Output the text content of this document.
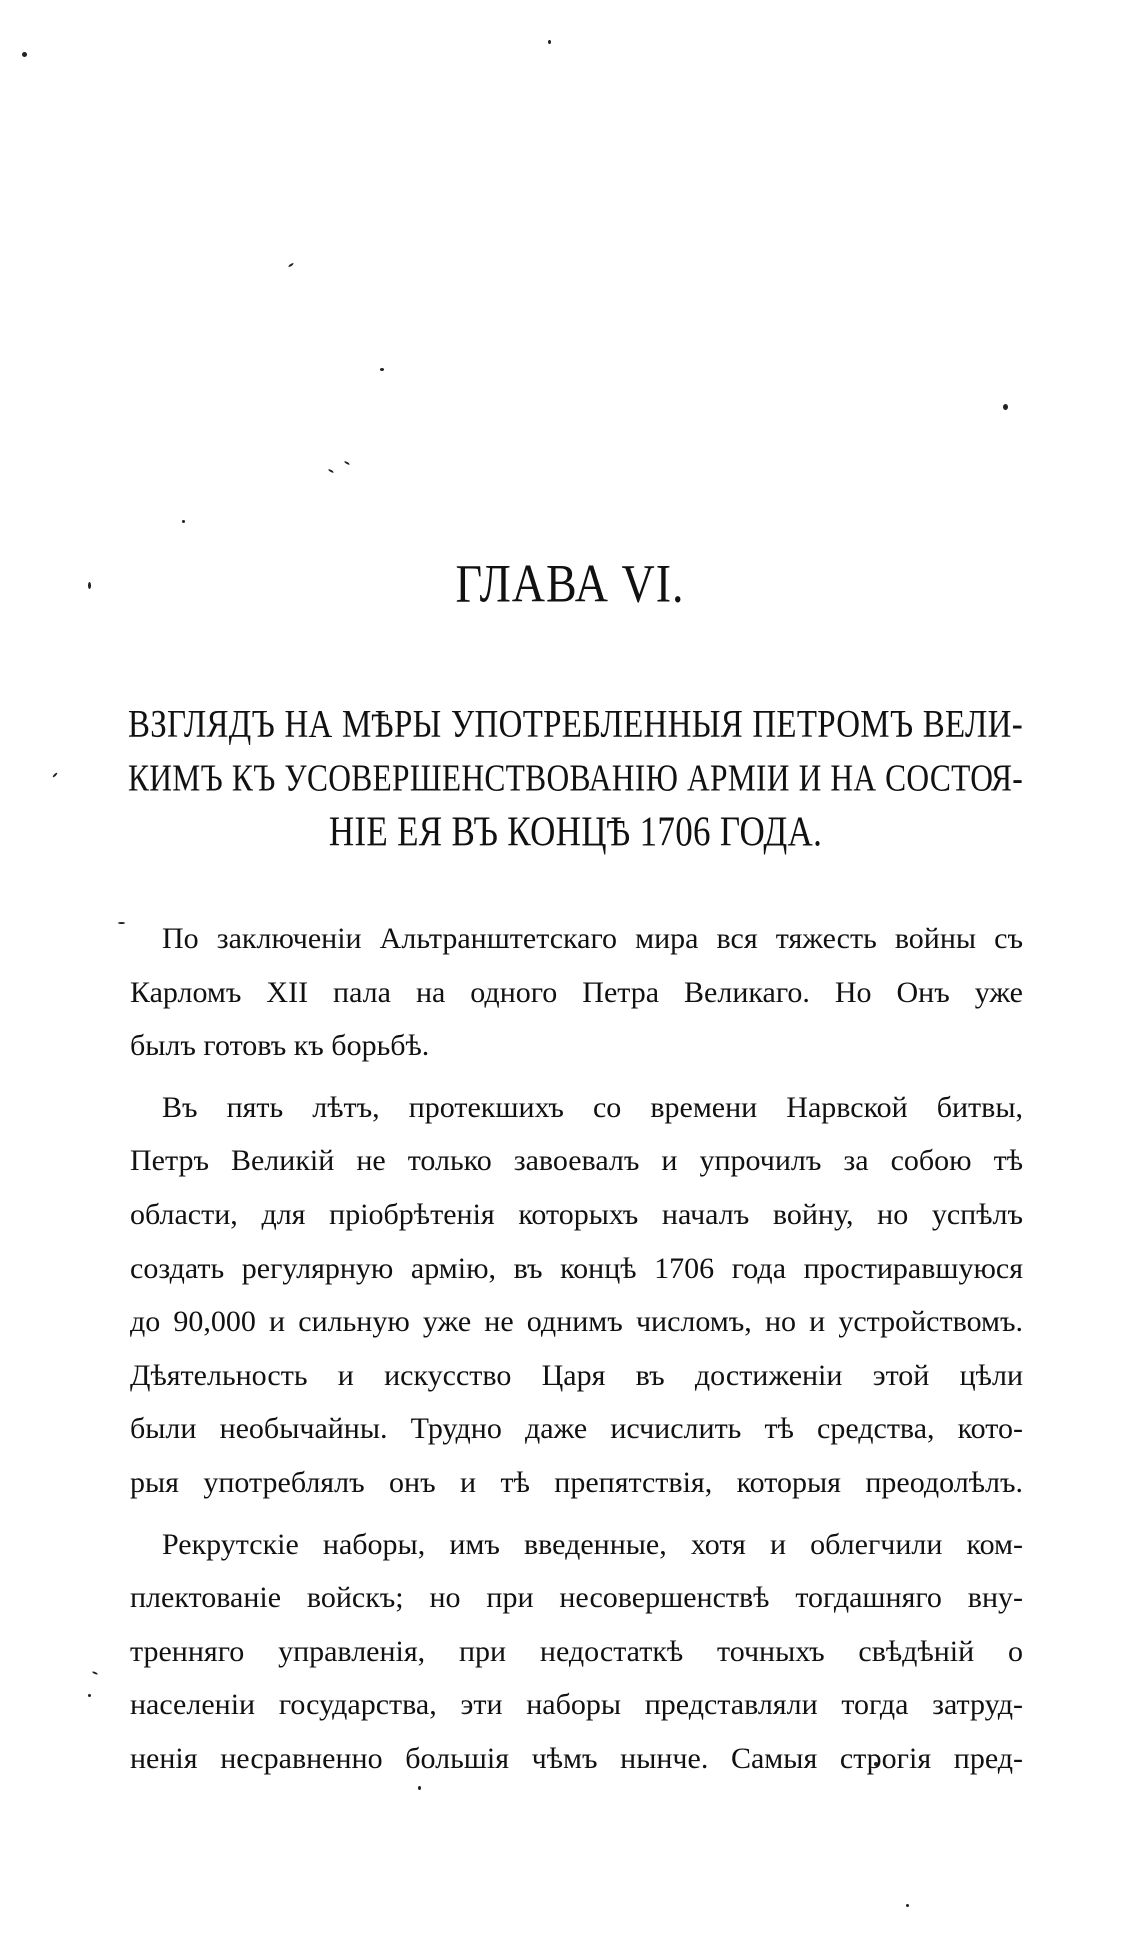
ГЛАВА VI.
ВЗГЛЯДЪ НА МѢРЫ УПОТРЕБЛЕННЫЯ ПЕТРОМЪ ВЕЛИ-
КИМЪ КЪ УСОВЕРШЕНСТВОВАНІЮ АРМІИ И НА СОСТОЯ-
НІЕ ЕЯ ВЪ КОНЦѢ 1706 ГОДА.
По заключеніи Альтранштетскаго мира вся тяжесть войны съ
Карломъ XII пала на одного Петра Великаго. Но Онъ уже
былъ готовъ къ борьбѣ.
Въ пять лѣтъ, протекшихъ со времени Нарвской битвы,
Петръ Великій не только завоевалъ и упрочилъ за собою тѣ
области, для пріобрѣтенія которыхъ началъ войну, но успѣлъ
создать регулярную армію, въ концѣ 1706 года простиравшуюся
до 90,000 и сильную уже не однимъ числомъ, но и устройствомъ.
Дѣятельность и искусство Царя въ достиженіи этой цѣли
были необычайны. Трудно даже исчислить тѣ средства, кото-
рыя употреблялъ онъ и тѣ препятствія, которыя преодолѣлъ.
Рекрутскіе наборы, имъ введенные, хотя и облегчили ком-
плектованіе войскъ; но при несовершенствѣ тогдашняго вну-
тренняго управленія, при недостаткѣ точныхъ свѣдѣній о
населеніи государства, эти наборы представляли тогда затруд-
ненія несравненно большія чѣмъ нынче. Самыя строгія пред-
